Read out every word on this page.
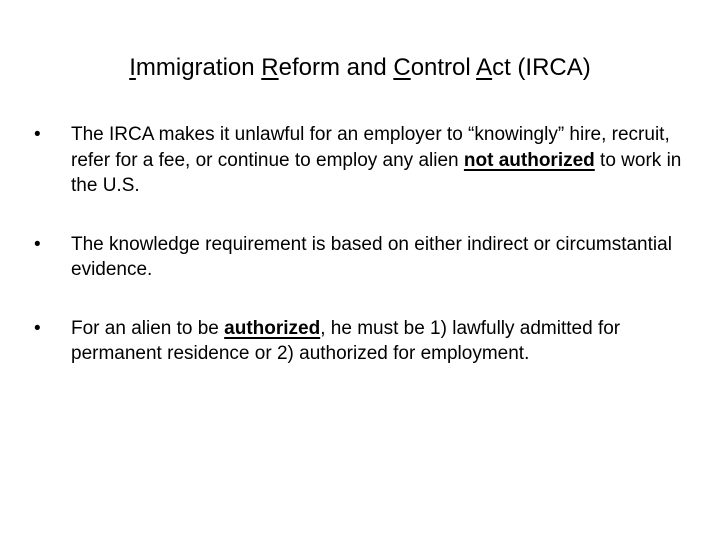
Immigration Reform and Control Act (IRCA)
•	The IRCA makes it unlawful for an employer to “knowingly” hire, recruit, refer for a fee, or continue to employ any alien not authorized to work in the U.S.
•	The knowledge requirement is based on either indirect or circumstantial evidence.
•	For an alien to be authorized, he must be 1) lawfully admitted for permanent residence or 2) authorized for employment.
